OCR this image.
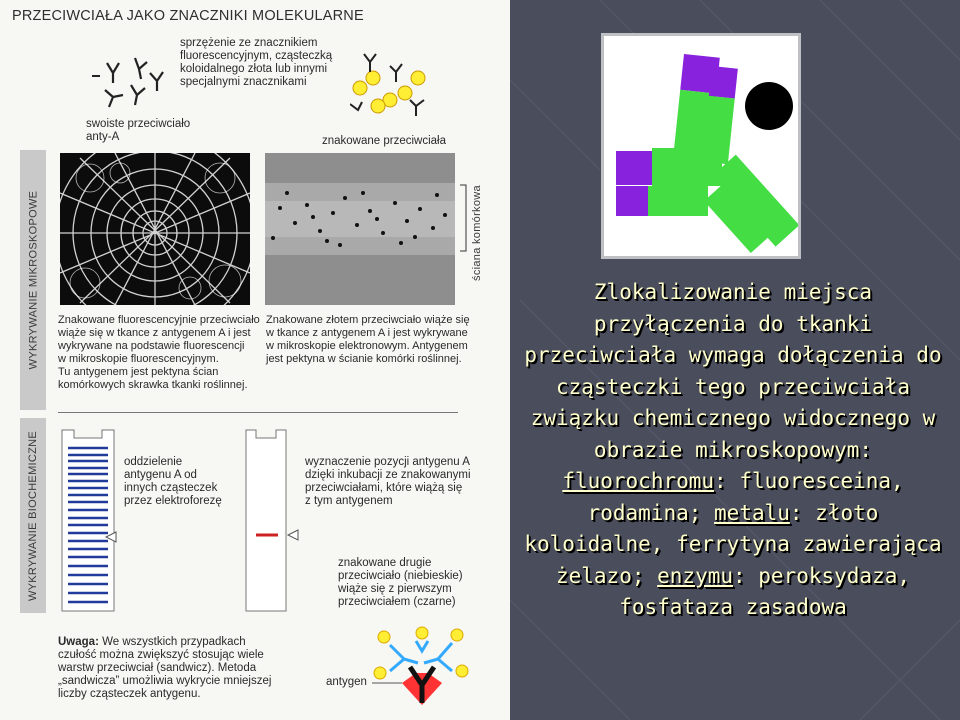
PRZECIWCIAŁA JAKO ZNACZNIKI MOLEKULARNE
sprzężenie ze znacznikiem
fluorescencyjnym, cząsteczką
koloidalnego złota lub innymi
specjalnymi znacznikami
swoiste przeciwciało
anty-A	znakowane przeciwciała
WYKRYWANIE MIKROSKOPOWE
WYKRYWANIE BIOCHEMICZNE
ściana komórkowa
Znakowane fluorescencyjnie przeciwciało
wiąże się w tkance z antygenem A i jest
wykrywane na podstawie fluorescencji
w mikroskopie fluorescencyjnym.
Tu antygenem jest pektyna ścian
komórkowych skrawka tkanki roślinnej.
Znakowane złotem przeciwciało wiąże się
w tkance z antygenem A i jest wykrywane
w mikroskopie elektronowym. Antygenem
jest pektyna w ścianie komórki roślinnej.
oddzielenie
antygenu A od
innych cząsteczek
przez elektroforezę
wyznaczenie pozycji antygenu A
dzięki inkubacji ze znakowanymi
przeciwciałami, które wiążą się
z tym antygenem
znakowane drugie
przeciwciało (niebieskie)
wiąże się z pierwszym
przeciwciałem (czarne)
Uwaga: We wszystkich przypadkach
czułość można zwiększyć stosując wiele
warstw przeciwciał (sandwicz). Metoda
„sandwicza” umożliwia wykrycie mniejszej
liczby cząsteczek antygenu.
antygen
Zlokalizowanie miejsca przyłączenia do tkanki przeciwciała wymaga dołączenia do cząsteczki tego przeciwciała związku chemicznego widocznego w obrazie mikroskopowym: fluorochromu: fluoresceina, rodamina; metalu: złoto koloidalne, ferrytyna zawierająca żelazo; enzymu: peroksydaza, fosfataza zasadowa
